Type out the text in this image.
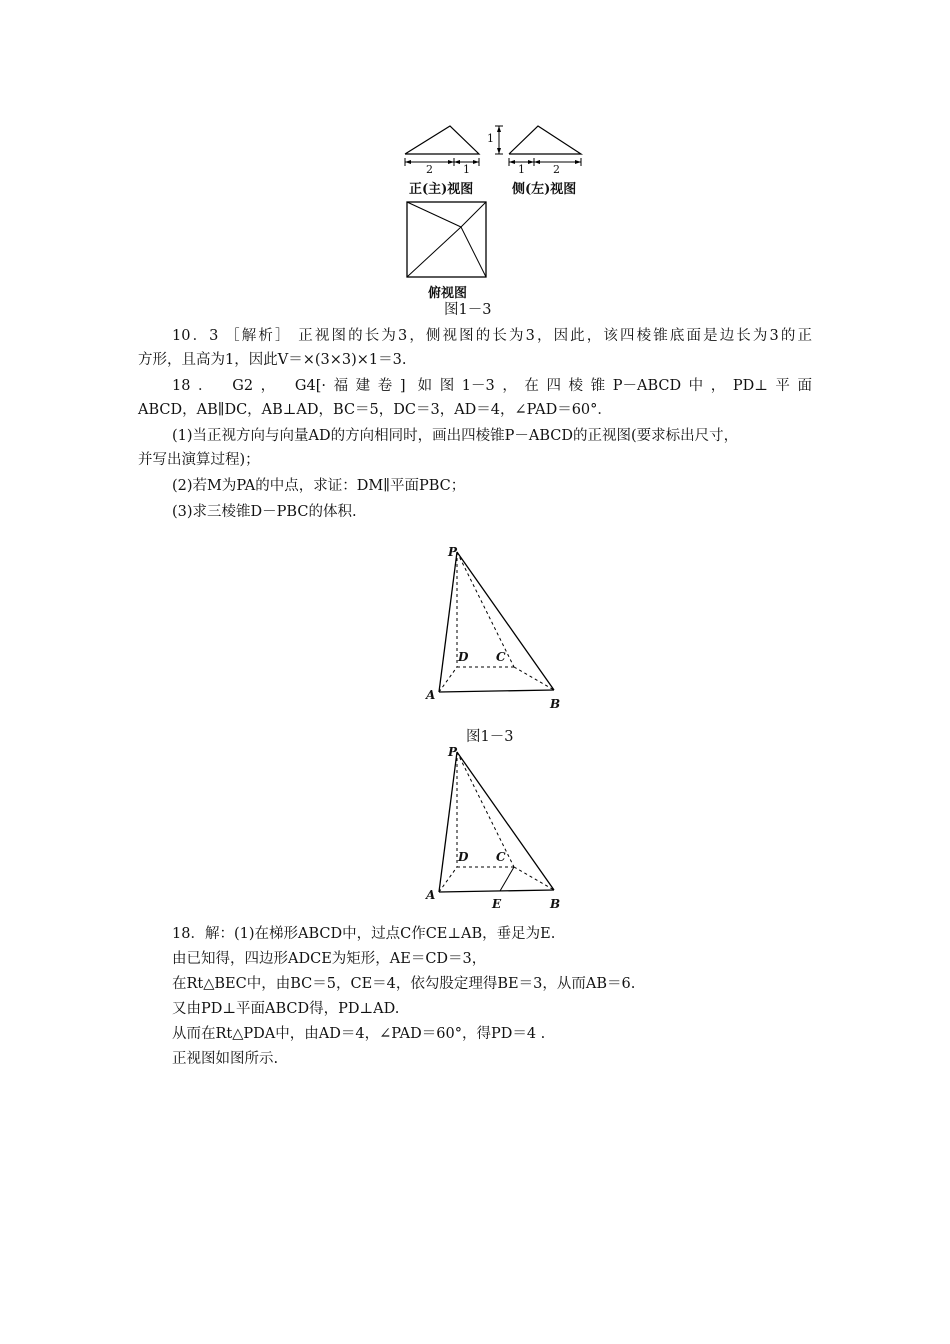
2	1
1
1	2
正(主)视图	侧(左)视图
俯视图
图1－3
10．3 ［解析］ 正视图的长为3，侧视图的长为3，因此，该四棱锥底面是边长为3的正
方形，且高为1，因此V＝×(3×3)×1＝3.
18． G2， G4[·福建卷] 如图1－3，在四棱锥P－ABCD中，PD⊥平面
ABCD，AB∥DC，AB⊥AD，BC＝5，DC＝3，AD＝4，∠PAD＝60°．
(1)当正视方向与向量AD的方向相同时，画出四棱锥P－ABCD的正视图(要求标出尺寸，
并写出演算过程)；
(2)若M为PA的中点，求证：DM∥平面PBC；
(3)求三棱锥D－PBC的体积.
P
D C
A
B
图1－3
P
D C
A
E	B
18．解：(1)在梯形ABCD中，过点C作CE⊥AB，垂足为E.
由已知得，四边形ADCE为矩形，AE＝CD＝3，
在Rt△BEC中，由BC＝5，CE＝4，依勾股定理得BE＝3，从而AB＝6.
又由PD⊥平面ABCD得，PD⊥AD.
从而在Rt△PDA中，由AD＝4，∠PAD＝60°，得PD＝4 .
正视图如图所示.
